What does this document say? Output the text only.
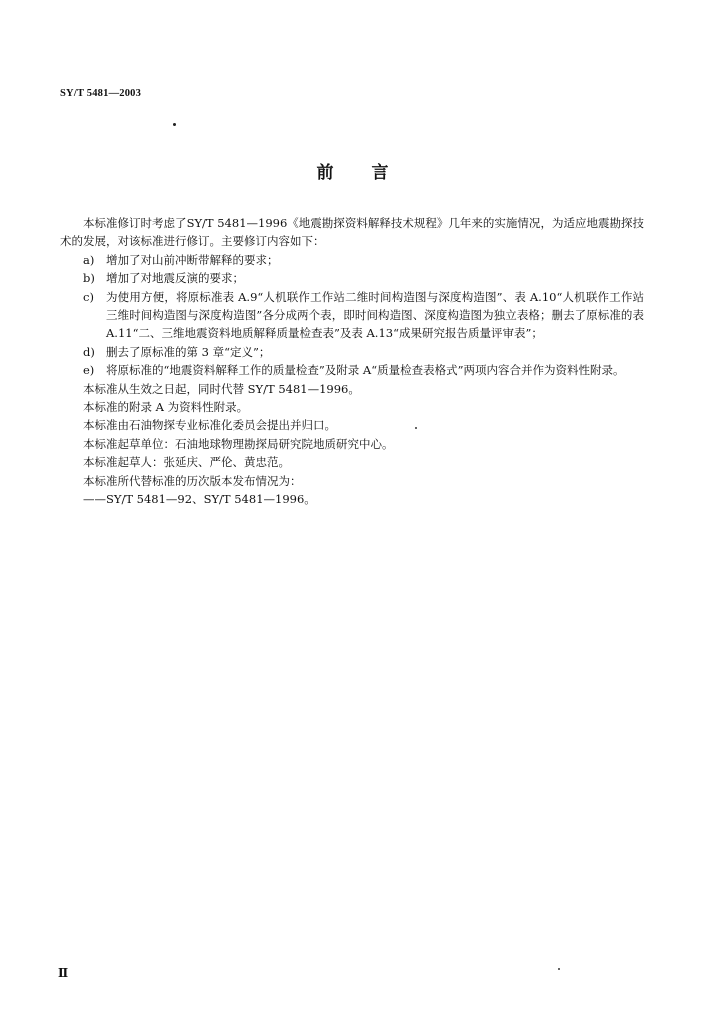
SY/T 5481—2003
前言
本标准修订时考虑了SY/T 5481—1996《地震勘探资料解释技术规程》几年来的实施情况，为适应地震勘探技术的发展，对该标准进行修订。主要修订内容如下：
a)	增加了对山前冲断带解释的要求；
b) 增加了对地震反演的要求；
c)	为使用方便，将原标准表 A.9“人机联作工作站二维时间构造图与深度构造图”、表 A.10“人机联作工作站三维时间构造图与深度构造图”各分成两个表，即时间构造图、深度构造图为独立表格；删去了原标准的表 A.11“二、三维地震资料地质解释质量检查表”及表 A.13“成果研究报告质量评审表”；
d) 删去了原标准的第 3 章“定义”；
e)	将原标准的“地震资料解释工作的质量检查”及附录 A“质量检查表格式”两项内容合并作为资料性附录。
本标准从生效之日起，同时代替 SY/T 5481—1996。
本标准的附录 A 为资料性附录。
本标准由石油物探专业标准化委员会提出并归口。
本标准起草单位：石油地球物理勘探局研究院地质研究中心。
本标准起草人：张延庆、严伦、黄忠范。
本标准所代替标准的历次版本发布情况为：
——SY/T 5481—92、SY/T 5481—1996。
Ⅱ
